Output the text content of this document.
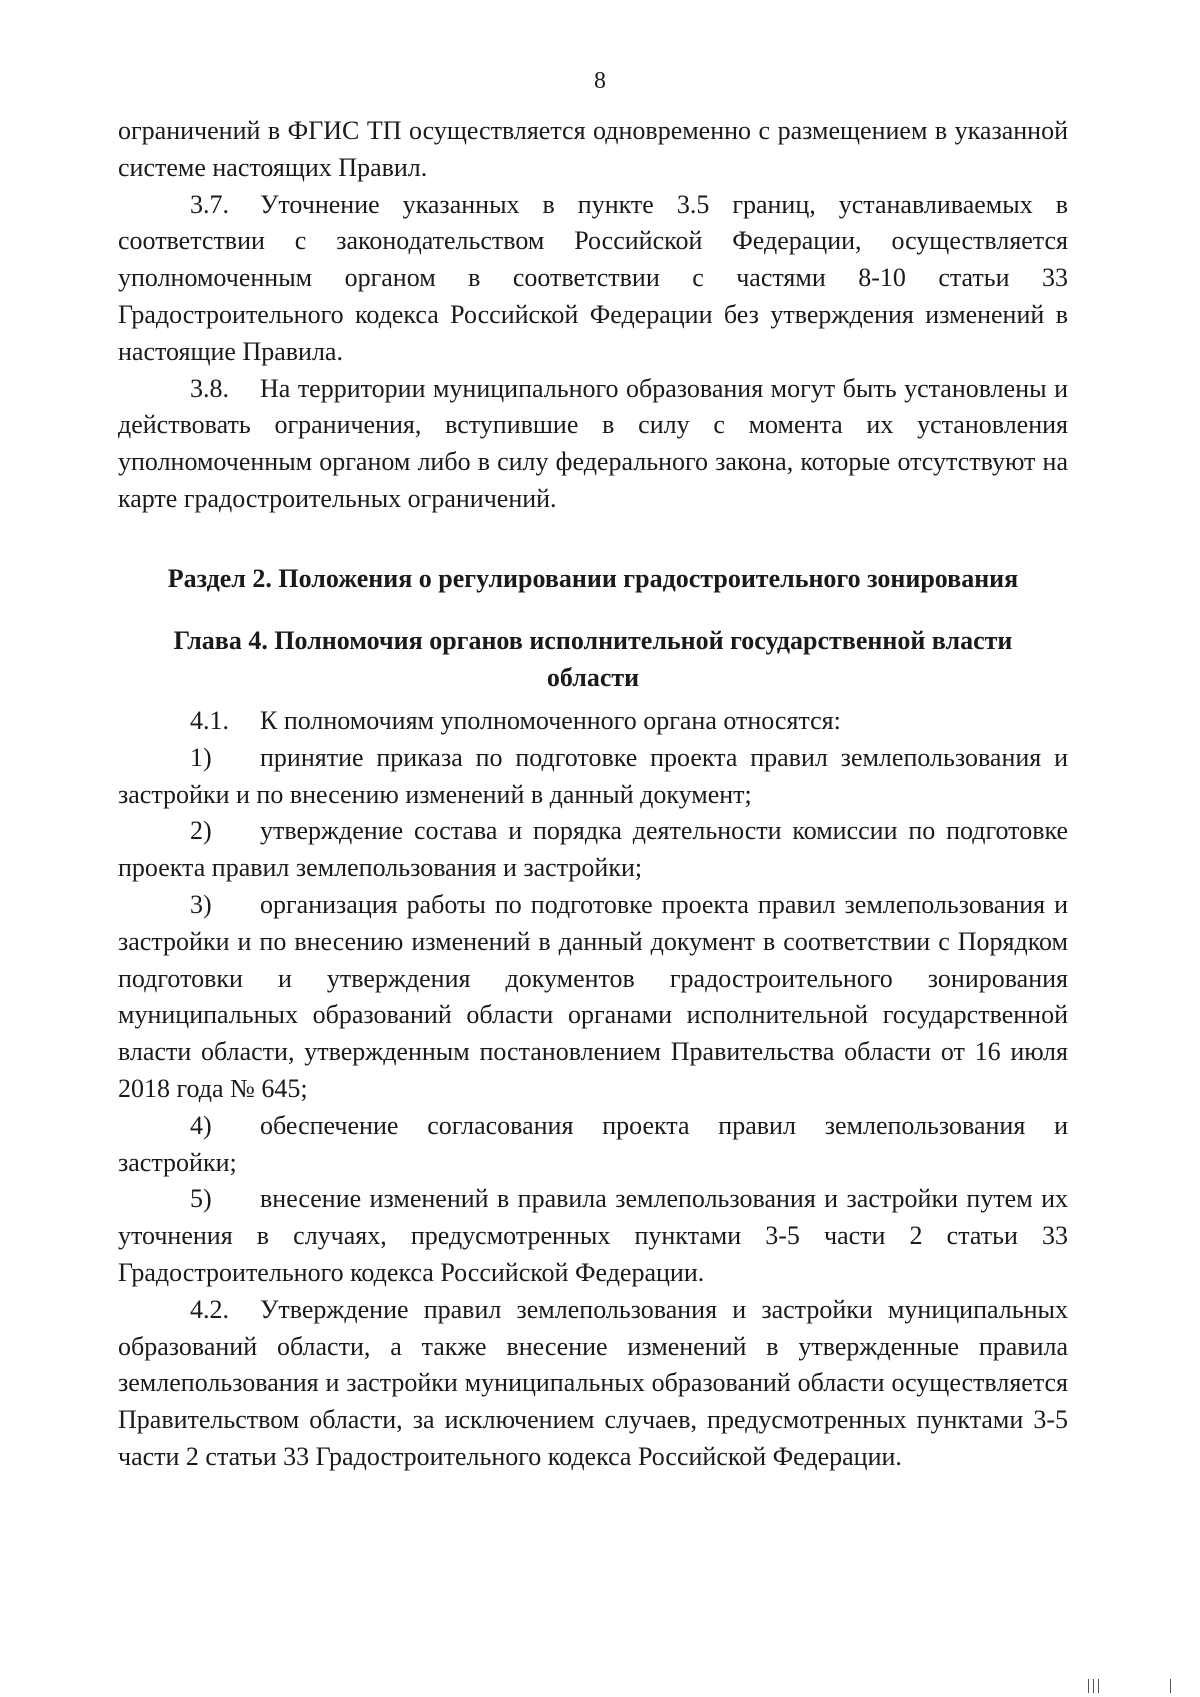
8

ограничений в ФГИС ТП осуществляется одновременно с размещением в указанной системе настоящих Правил.

3.7. Уточнение указанных в пункте 3.5 границ, устанавливаемых в соответствии с законодательством Российской Федерации, осуществляется уполномоченным органом в соответствии с частями 8-10 статьи 33 Градостроительного кодекса Российской Федерации без утверждения изменений в настоящие Правила.

3.8. На территории муниципального образования могут быть установлены и действовать ограничения, вступившие в силу с момента их установления уполномоченным органом либо в силу федерального закона, которые отсутствуют на карте градостроительных ограничений.

Раздел 2. Положения о регулировании градостроительного зонирования

Глава 4. Полномочия органов исполнительной государственной власти
области

4.1. К полномочиям уполномоченного органа относятся:

1) принятие приказа по подготовке проекта правил землепользования и застройки и по внесению изменений в данный документ;

2) утверждение состава и порядка деятельности комиссии по подготовке проекта правил землепользования и застройки;

3) организация работы по подготовке проекта правил землепользования и застройки и по внесению изменений в данный документ в соответствии с Порядком подготовки и утверждения документов градостроительного зонирования муниципальных образований области органами исполнительной государственной власти области, утвержденным постановлением Правительства области от 16 июля 2018 года № 645;

4) обеспечение согласования проекта правил землепользования и застройки;

5) внесение изменений в правила землепользования и застройки путем их уточнения в случаях, предусмотренных пунктами 3-5 части 2 статьи 33 Градостроительного кодекса Российской Федерации.

4.2. Утверждение правил землепользования и застройки муниципальных образований области, а также внесение изменений в утвержденные правила землепользования и застройки муниципальных образований области осуществляется Правительством области, за исключением случаев, предусмотренных пунктами 3-5 части 2 статьи 33 Градостроительного кодекса Российской Федерации.
